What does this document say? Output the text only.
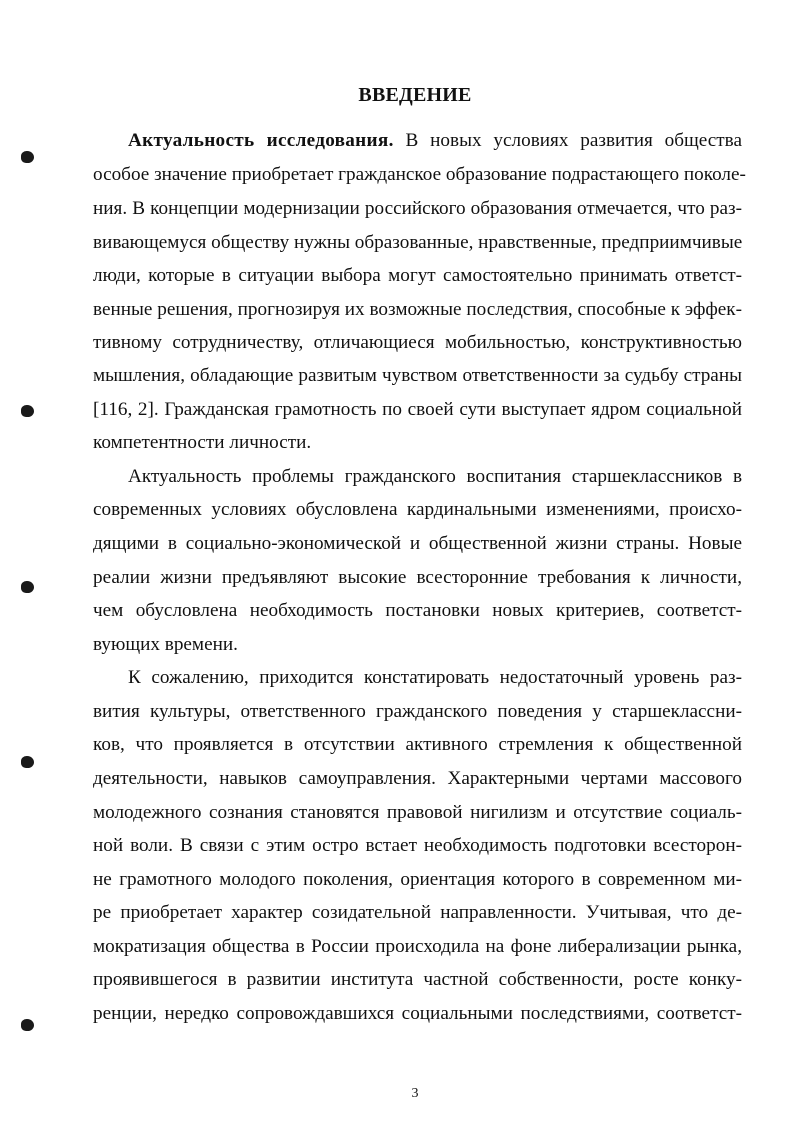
ВВЕДЕНИЕ
Актуальность исследования. В новых условиях развития общества
особое значение приобретает гражданское образование подрастающего поколе-
ния. В концепции модернизации российского образования отмечается, что раз-
вивающемуся обществу нужны образованные, нравственные, предприимчивые
люди, которые в ситуации выбора могут самостоятельно принимать ответст-
венные решения, прогнозируя их возможные последствия, способные к эффек-
тивному сотрудничеству, отличающиеся мобильностью, конструктивностью
мышления, обладающие развитым чувством ответственности за судьбу страны
[116, 2]. Гражданская грамотность по своей сути выступает ядром социальной
компетентности личности.
Актуальность проблемы гражданского воспитания старшеклассников в
современных условиях обусловлена кардинальными изменениями, происхо-
дящими в социально-экономической и общественной жизни страны. Новые
реалии жизни предъявляют высокие всесторонние требования к личности,
чем обусловлена необходимость постановки новых критериев, соответст-
вующих времени.
К сожалению, приходится констатировать недостаточный уровень раз-
вития культуры, ответственного гражданского поведения у старшеклассни-
ков, что проявляется в отсутствии активного стремления к общественной
деятельности, навыков самоуправления. Характерными чертами массового
молодежного сознания становятся правовой нигилизм и отсутствие социаль-
ной воли. В связи с этим остро встает необходимость подготовки всесторон-
не грамотного молодого поколения, ориентация которого в современном ми-
ре приобретает характер созидательной направленности. Учитывая, что де-
мократизация общества в России происходила на фоне либерализации рынка,
проявившегося в развитии института частной собственности, росте конку-
ренции, нередко сопровождавшихся социальными последствиями, соответст-
3
